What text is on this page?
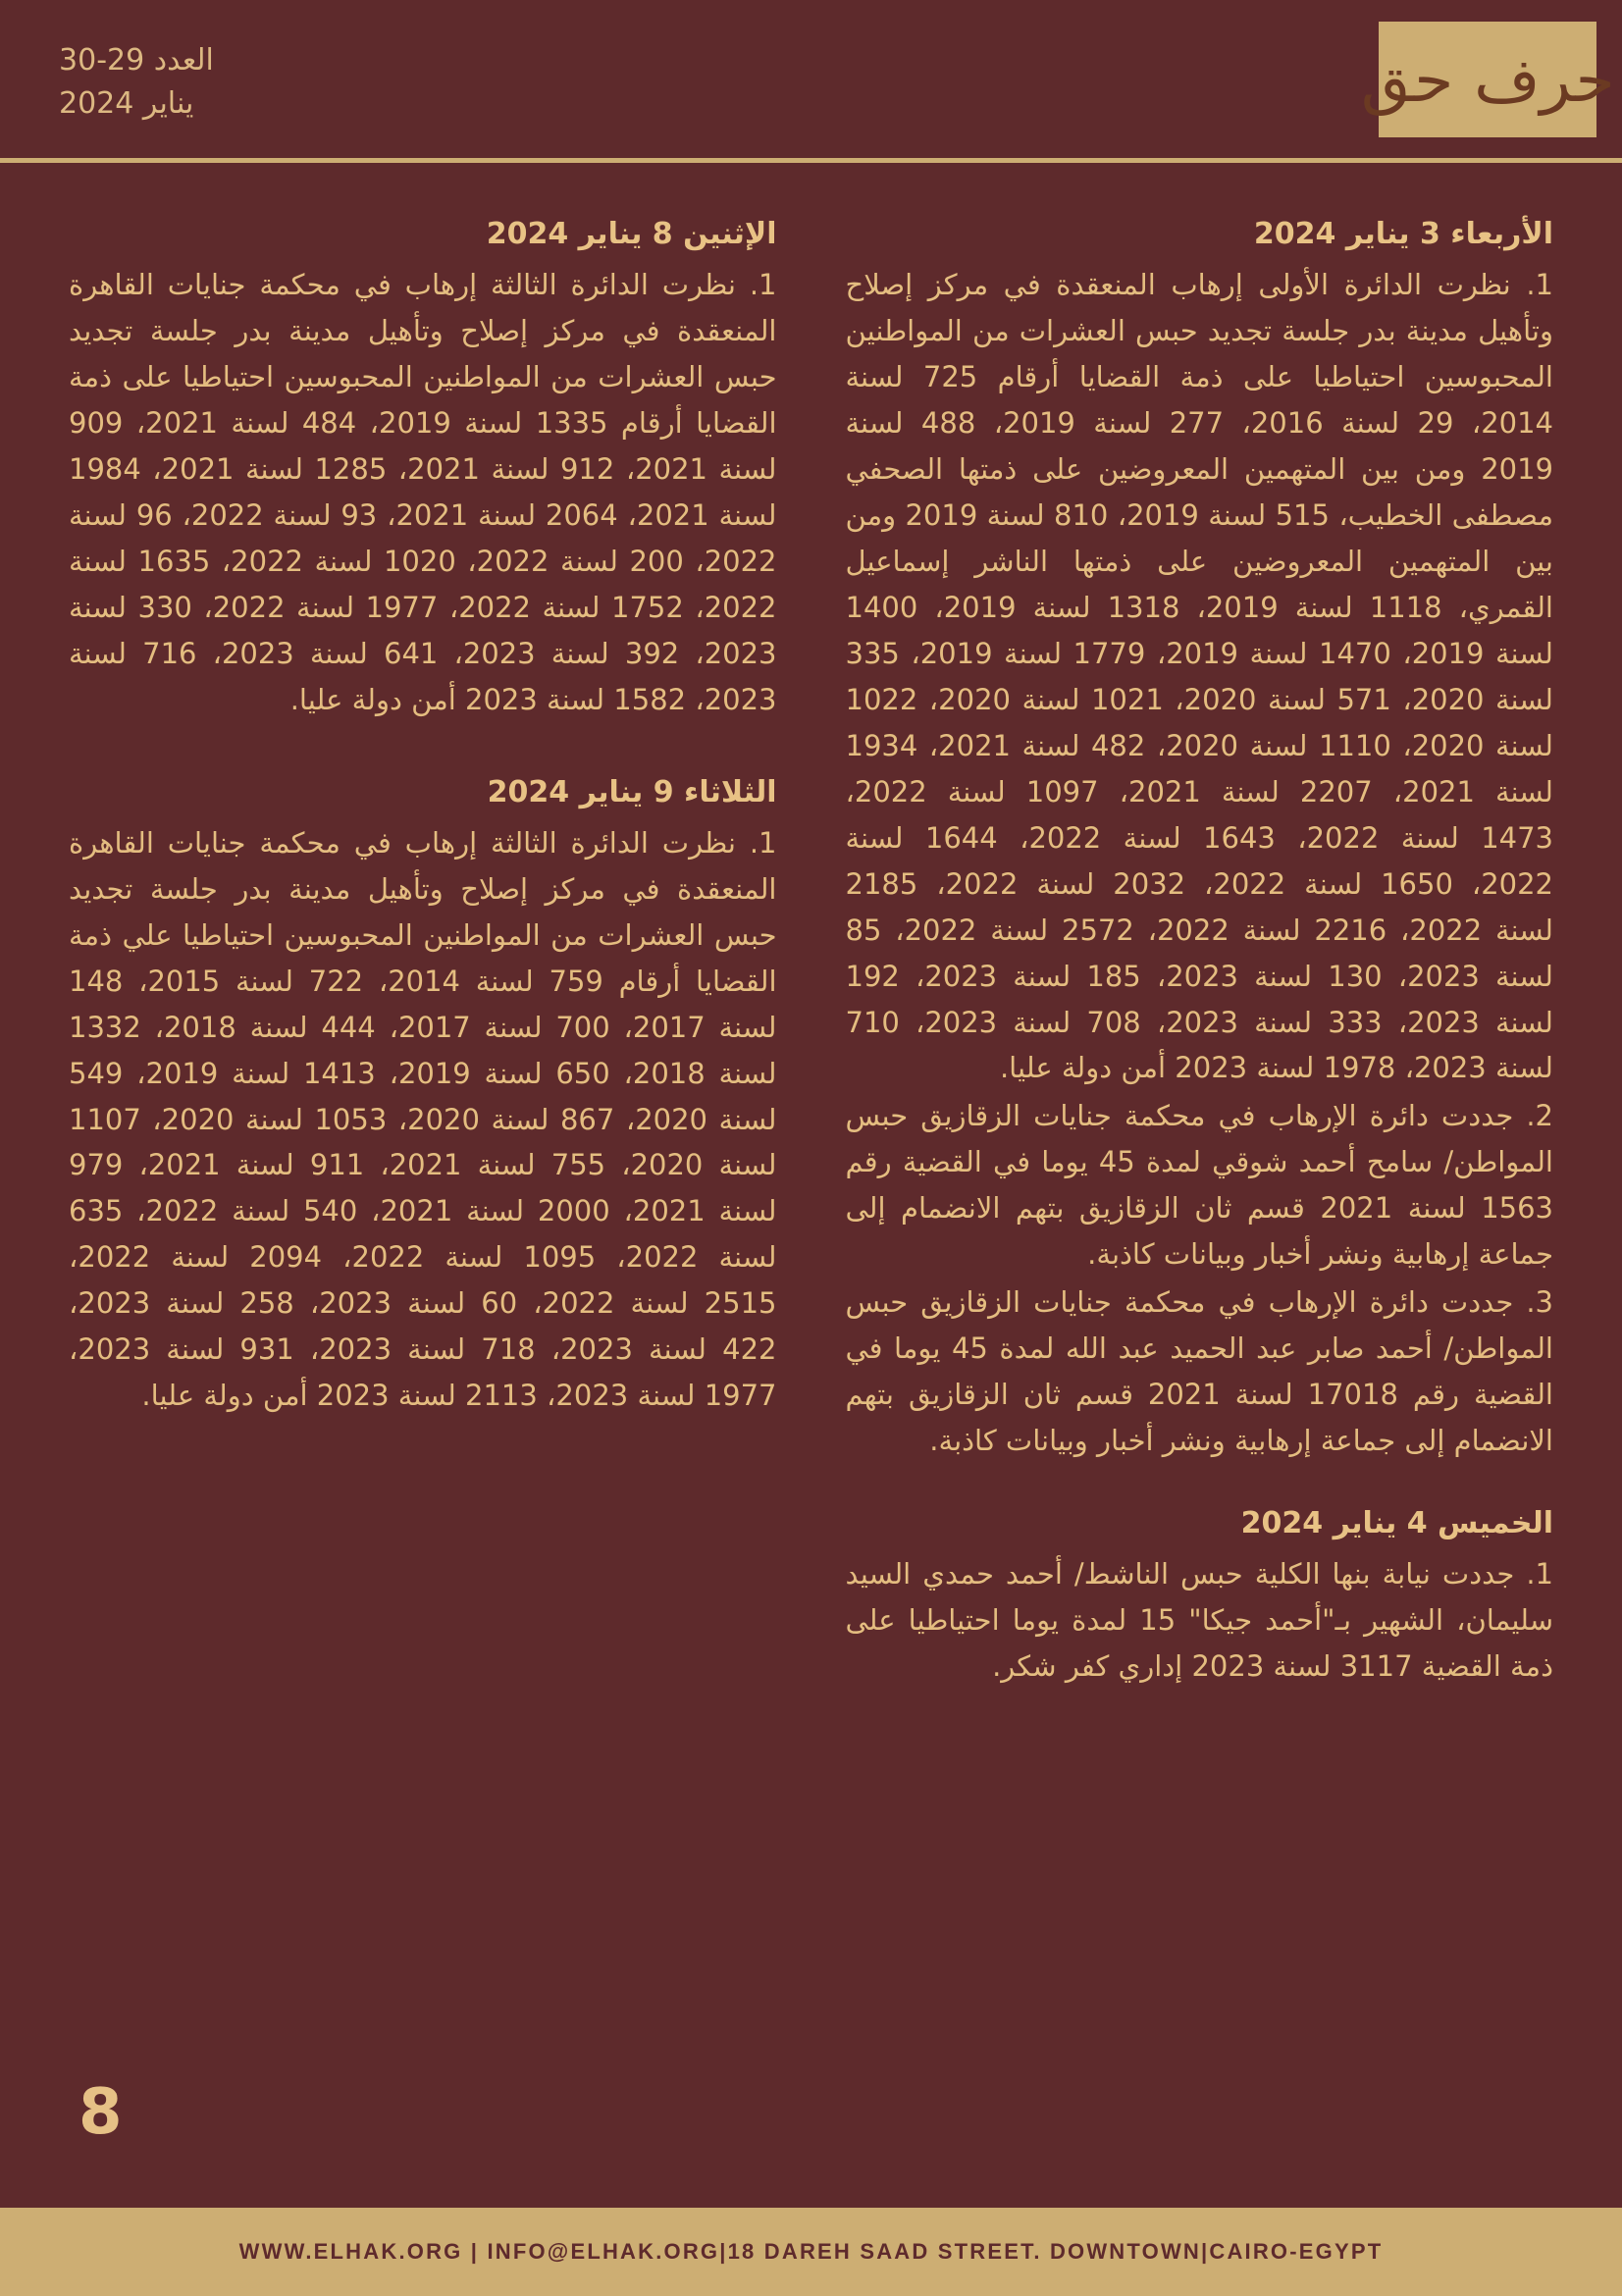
حرف حق
العدد 29-30
يناير 2024
الأربعاء 3 يناير 2024

1. نظرت الدائرة الأولى إرهاب المنعقدة في مركز إصلاح وتأهيل مدينة بدر جلسة تجديد حبس العشرات من المواطنين المحبوسين احتياطيا على ذمة القضايا أرقام 725 لسنة 2014، 29 لسنة 2016، 277 لسنة 2019، 488 لسنة 2019 ومن بين المتهمين المعروضين على ذمتها الصحفي مصطفى الخطيب، 515 لسنة 2019، 810 لسنة 2019 ومن بين المتهمين المعروضين على ذمتها الناشر إسماعيل القمري، 1118 لسنة 2019، 1318 لسنة 2019، 1400 لسنة 2019، 1470 لسنة 2019، 1779 لسنة 2019، 335 لسنة 2020، 571 لسنة 2020، 1021 لسنة 2020، 1022 لسنة 2020، 1110 لسنة 2020، 482 لسنة 2021، 1934 لسنة 2021، 2207 لسنة 2021، 1097 لسنة 2022، 1473 لسنة 2022، 1643 لسنة 2022، 1644 لسنة 2022، 1650 لسنة 2022، 2032 لسنة 2022، 2185 لسنة 2022، 2216 لسنة 2022، 2572 لسنة 2022، 85 لسنة 2023، 130 لسنة 2023، 185 لسنة 2023، 192 لسنة 2023، 333 لسنة 2023، 708 لسنة 2023، 710 لسنة 2023، 1978 لسنة 2023 أمن دولة عليا.

2. جددت دائرة الإرهاب في محكمة جنايات الزقازيق حبس المواطن/ سامح أحمد شوقي لمدة 45 يوما في القضية رقم 1563 لسنة 2021 قسم ثان الزقازيق بتهم الانضمام إلى جماعة إرهابية ونشر أخبار وبيانات كاذبة.

3. جددت دائرة الإرهاب في محكمة جنايات الزقازيق حبس المواطن/ أحمد صابر عبد الحميد عبد الله لمدة 45 يوما في القضية رقم 17018 لسنة 2021 قسم ثان الزقازيق بتهم الانضمام إلى جماعة إرهابية ونشر أخبار وبيانات كاذبة.

الخميس 4 يناير 2024

1. جددت نيابة بنها الكلية حبس الناشط/ أحمد حمدي السيد سليمان، الشهير بـ"أحمد جيكا" 15 لمدة يوما احتياطيا على ذمة القضية 3117 لسنة 2023 إداري كفر شكر.

الإثنين 8 يناير 2024

1. نظرت الدائرة الثالثة إرهاب في محكمة جنايات القاهرة المنعقدة في مركز إصلاح وتأهيل مدينة بدر جلسة تجديد حبس العشرات من المواطنين المحبوسين احتياطيا على ذمة القضايا أرقام 1335 لسنة 2019، 484 لسنة 2021، 909 لسنة 2021، 912 لسنة 2021، 1285 لسنة 2021، 1984 لسنة 2021، 2064 لسنة 2021، 93 لسنة 2022، 96 لسنة 2022، 200 لسنة 2022، 1020 لسنة 2022، 1635 لسنة 2022، 1752 لسنة 2022، 1977 لسنة 2022، 330 لسنة 2023، 392 لسنة 2023، 641 لسنة 2023، 716 لسنة 2023، 1582 لسنة 2023 أمن دولة عليا.

الثلاثاء 9 يناير 2024

1. نظرت الدائرة الثالثة إرهاب في محكمة جنايات القاهرة المنعقدة في مركز إصلاح وتأهيل مدينة بدر جلسة تجديد حبس العشرات من المواطنين المحبوسين احتياطيا علي ذمة القضايا أرقام 759 لسنة 2014، 722 لسنة 2015، 148 لسنة 2017، 700 لسنة 2017، 444 لسنة 2018، 1332 لسنة 2018، 650 لسنة 2019، 1413 لسنة 2019، 549 لسنة 2020، 867 لسنة 2020، 1053 لسنة 2020، 1107 لسنة 2020، 755 لسنة 2021، 911 لسنة 2021، 979 لسنة 2021، 2000 لسنة 2021، 540 لسنة 2022، 635 لسنة 2022، 1095 لسنة 2022، 2094 لسنة 2022، 2515 لسنة 2022، 60 لسنة 2023، 258 لسنة 2023، 422 لسنة 2023، 718 لسنة 2023، 931 لسنة 2023، 1977 لسنة 2023، 2113 لسنة 2023 أمن دولة عليا.

8
WWW.ELHAK.ORG | INFO@ELHAK.ORG|18 DAREH SAAD STREET. DOWNTOWN|CAIRO-EGYPT
